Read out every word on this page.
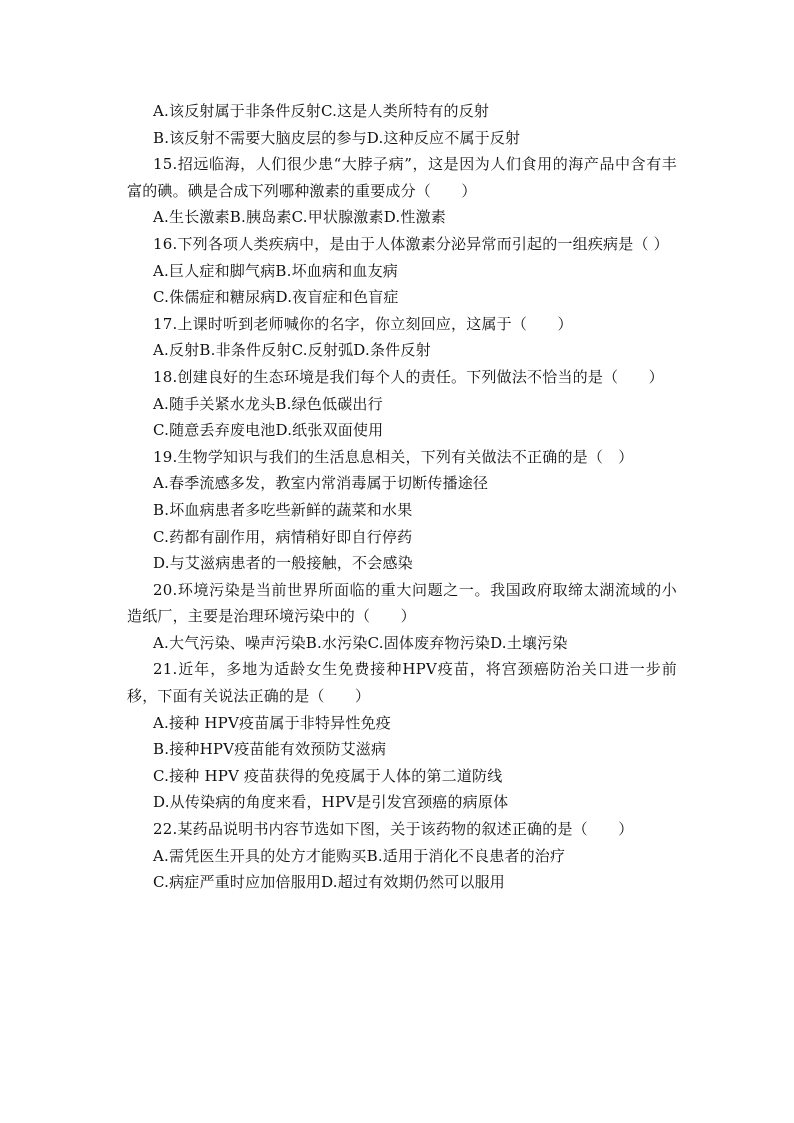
A.该反射属于非条件反射C.这是人类所特有的反射
B.该反射不需要大脑皮层的参与D.这种反应不属于反射
15.招远临海，人们很少患“大脖子病”，这是因为人们食用的海产品中含有丰富的碘。碘是合成下列哪种激素的重要成分（　　）
A.生长激素B.胰岛素C.甲状腺激素D.性激素
16.下列各项人类疾病中，是由于人体激素分泌异常而引起的一组疾病是（ ）
A.巨人症和脚气病B.坏血病和血友病
C.侏儒症和糖尿病D.夜盲症和色盲症
17.上课时听到老师喊你的名字，你立刻回应，这属于（　　）
A.反射B.非条件反射C.反射弧D.条件反射
18.创建良好的生态环境是我们每个人的责任。下列做法不恰当的是（　　）
A.随手关紧水龙头B.绿色低碳出行
C.随意丢弃废电池D.纸张双面使用
19.生物学知识与我们的生活息息相关，下列有关做法不正确的是（　）
A.春季流感多发，教室内常消毒属于切断传播途径
B.坏血病患者多吃些新鲜的蔬菜和水果
C.药都有副作用，病情稍好即自行停药
D.与艾滋病患者的一般接触，不会感染
20.环境污染是当前世界所面临的重大问题之一。我国政府取缔太湖流域的小造纸厂，主要是治理环境污染中的（　　）
A.大气污染、噪声污染B.水污染C.固体废弃物污染D.土壤污染
21.近年，多地为适龄女生免费接种HPV疫苗，将宫颈癌防治关口进一步前移，下面有关说法正确的是（　　）
A.接种 HPV疫苗属于非特异性免疫
B.接种HPV疫苗能有效预防艾滋病
C.接种 HPV 疫苗获得的免疫属于人体的第二道防线
D.从传染病的角度来看，HPV是引发宫颈癌的病原体
22.某药品说明书内容节选如下图，关于该药物的叙述正确的是（　　）
A.需凭医生开具的处方才能购买B.适用于消化不良患者的治疗
C.病症严重时应加倍服用D.超过有效期仍然可以服用
